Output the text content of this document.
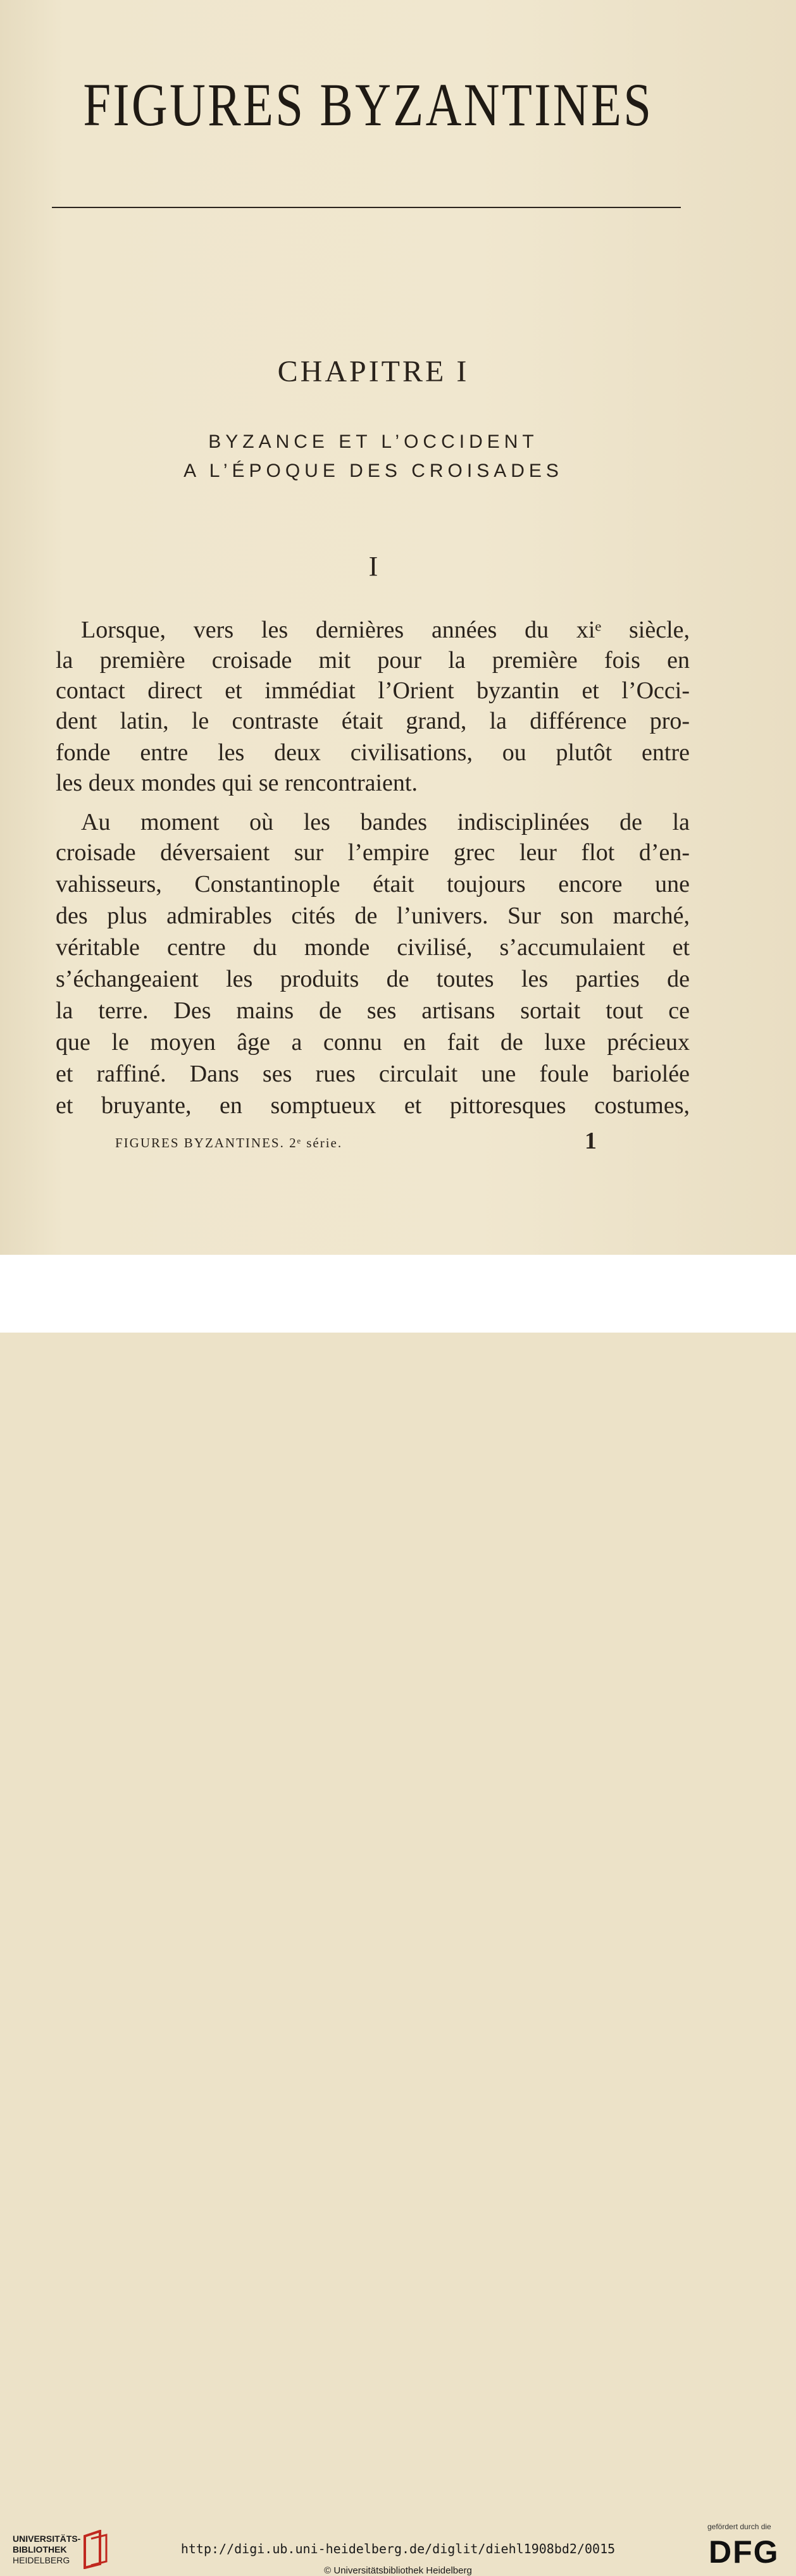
FIGURES BYZANTINES
CHAPITRE I
BYZANCE ET L’OCCIDENT
A L’ÉPOQUE DES CROISADES
I
Lorsque, vers les dernières années du xiᵉ siècle,
la première croisade mit pour la première fois en
contact direct et immédiat l’Orient byzantin et l’Occi-
dent latin, le contraste était grand, la différence pro-
fonde entre les deux civilisations, ou plutôt entre
les deux mondes qui se rencontraient.
Au moment où les bandes indisciplinées de la
croisade déversaient sur l’empire grec leur flot d’en-
vahisseurs, Constantinople était toujours encore une
des plus admirables cités de l’univers. Sur son marché,
véritable centre du monde civilisé, s’accumulaient et
s’échangeaient les produits de toutes les parties de
la terre. Des mains de ses artisans sortait tout ce
que le moyen âge a connu en fait de luxe précieux
et raffiné. Dans ses rues circulait une foule bariolée
et bruyante, en somptueux et pittoresques costumes,
FIGURES BYZANTINES. 2ᵉ série.	1
UNIVERSITÄTS-
BIBLIOTHEK
HEIDELBERG
http://digi.ub.uni-heidelberg.de/diglit/diehl1908bd2/0015
© Universitätsbibliothek Heidelberg
gefördert durch die
DFG
